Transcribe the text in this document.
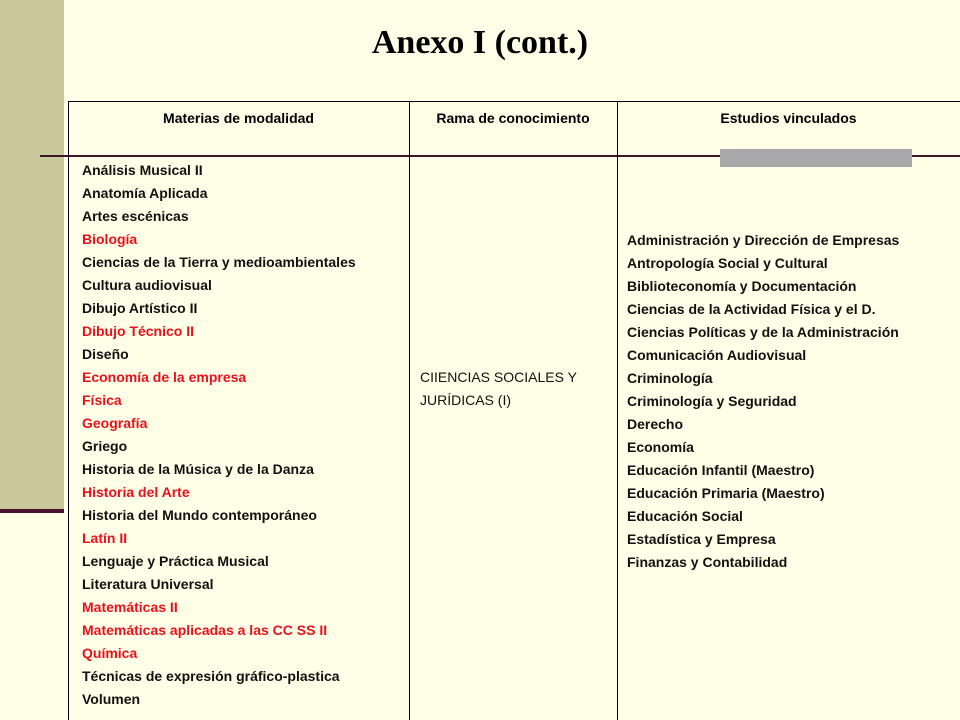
Anexo I (cont.)
Materias de modalidad	Rama de conocimiento	Estudios vinculados
Análisis Musical II
Anatomía Aplicada
Artes escénicas
Biología
Ciencias de la Tierra y medioambientales
Cultura audiovisual
Dibujo Artístico II
Dibujo Técnico II
Diseño
Economía de la empresa
Física
Geografía
Griego
Historia de la Música y de la Danza
Historia del Arte
Historia del Mundo contemporáneo
Latín II
Lenguaje y Práctica Musical
Literatura Universal
Matemáticas II
Matemáticas aplicadas a las CC SS II
Química
Técnicas de expresión gráfico-plastica
Volumen
CIIENCIAS SOCIALES Y
JURÍDICAS (I)
Administración y Dirección de Empresas
Antropología Social y Cultural
Biblioteconomía y Documentación
Ciencias de la Actividad Física y el D.
Ciencias Políticas y de la Administración
Comunicación Audiovisual
Criminología
Criminología y Seguridad
Derecho
Economía
Educación Infantil (Maestro)
Educación Primaria (Maestro)
Educación Social
Estadística y Empresa
Finanzas y Contabilidad
